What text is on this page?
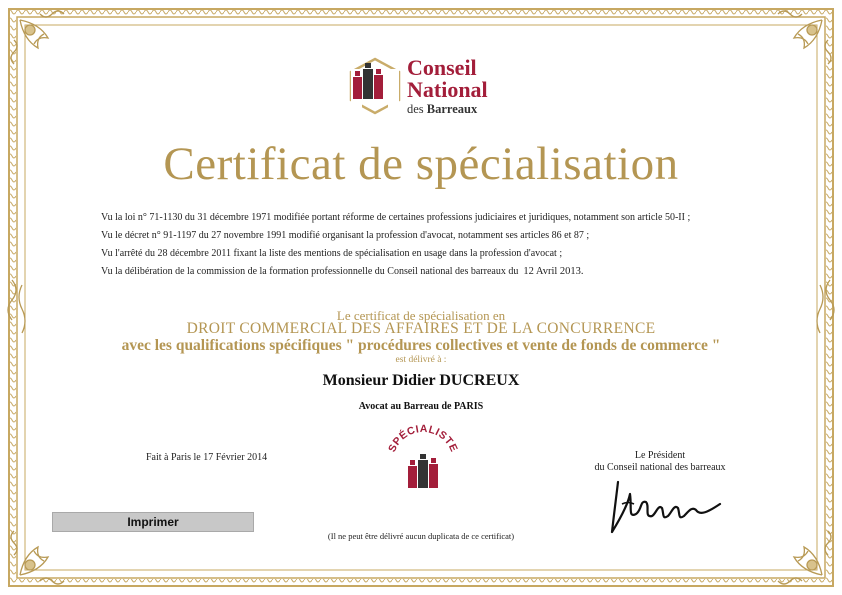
Conseil
National
des Barreaux
Certificat de spécialisation
Vu la loi n° 71-1130 du 31 décembre 1971 modifiée portant réforme de certaines professions judiciaires et juridiques, notamment son article 50-II ;
Vu le décret n° 91-1197 du 27 novembre 1991 modifié organisant la profession d'avocat, notamment ses articles 86 et 87 ;
Vu l'arrêté du 28 décembre 2011 fixant la liste des mentions de spécialisation en usage dans la profession d'avocat ;
Vu la délibération de la commission de la formation professionnelle du Conseil national des barreaux du 12 Avril 2013.
Le certificat de spécialisation en
DROIT COMMERCIAL DES AFFAIRES ET DE LA CONCURRENCE
avec les qualifications spécifiques " procédures collectives et vente de fonds de commerce "
est délivré à :
Monsieur Didier DUCREUX
Avocat au Barreau de PARIS
Fait à Paris le 17 Février 2014
SPÉCIALISTE
Le Président
du Conseil national des barreaux
Imprimer
(Il ne peut être délivré aucun duplicata de ce certificat)
